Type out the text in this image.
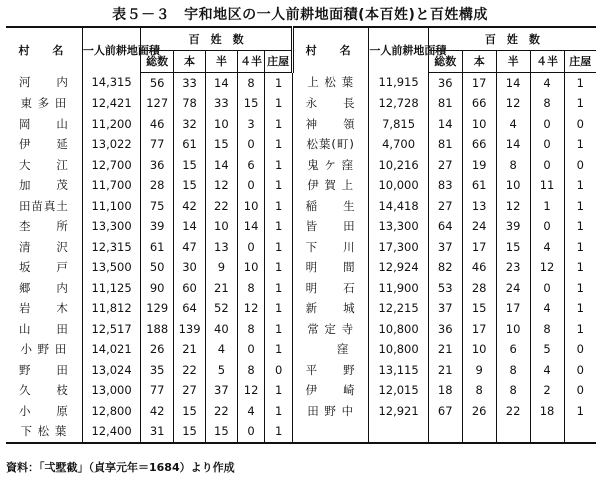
表５－３ 宇和地区の一人前耕地面積(本百姓)と百姓構成
村　名	一人前耕地面積	百　姓　数					村　名	一人前耕地面積	百　姓　数				
		総数	本	半	４半	庄屋			総数	本	半	４半	庄屋
河　　内	14,315	56	33	14	8	1	上 松 葉	11,915	36	17	14	4	1
東 多 田	12,421	127	78	33	15	1	永　　長	12,728	81	66	12	8	1
岡　　山	11,200	46	32	10	3	1	神　　領	7,815	14	10	4	0	0
伊　　延	13,022	77	61	15	0	1	松葉(町)	4,700	81	66	14	0	1
大　　江	12,700	36	15	14	6	1	鬼 ケ 窪	10,216	27	19	8	0	0
加　　茂	11,700	28	15	12	0	1	伊 賀 上	10,000	83	61	10	11	1
田苗真土	11,100	75	42	22	10	1	稲　　生	14,418	27	13	12	1	1
杢　　所	13,300	39	14	10	14	1	皆　　田	13,300	64	24	39	0	1
清　　沢	12,315	61	47	13	0	1	下　　川	17,300	37	17	15	4	1
坂　　戸	13,500	50	30	9	10	1	明　　間	12,924	82	46	23	12	1
郷　　内	11,125	90	60	21	8	1	明　　石	11,900	53	28	24	0	1
岩　　木	11,812	129	64	52	12	1	新　　城	12,215	37	15	17	4	1
山　　田	12,517	188	139	40	8	1	常 定 寺	10,800	36	17	10	8	1
小 野 田	14,021	26	21	4	0	1	　　窪	10,800	21	10	6	5	0
野　　田	13,024	35	22	5	8	0	平　　野	13,115	21	9	8	4	0
久　　枝	13,000	77	27	37	12	1	伊　　崎	12,015	18	8	8	2	0
小　　原	12,800	42	15	22	4	1	田 野 中	12,921	67	26	22	18	1
下 松 葉	12,400	31	15	15	0	1							
資料：「弌墅截」（貞享元年＝1684）より作成
